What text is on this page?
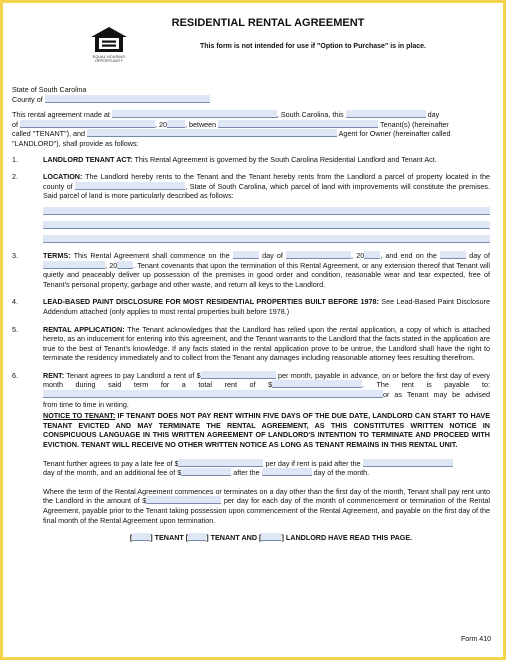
EQUAL HOUSING OPPORTUNITY
RESIDENTIAL RENTAL AGREEMENT
This form is not intended for use if "Option to Purchase" is in place.

State of South Carolina

County of

This rental agreement made at	, South Carolina, this	day
of	, 20	, between	Tenant(s) (hereinafter
called "TENANT"), and	Agent for Owner (hereinafter called
"LANDLORD"), shall provide as follows:
1.	LANDLORD TENANT ACT: This Rental Agreement is governed by the South Carolina Residential Landlord and Tenant Act.
2.	LOCATION: The Landlord hereby rents to the Tenant and the Tenant hereby rents from the Landlord a parcel of property located in the county of	, State of South Carolina, which parcel of land with improvements will constitute the premises. Said parcel of land is more particularly described as follows:
3.	TERMS: This Rental Agreement shall commence on the	day of	, 20 , and end on the	day of , 20 . Tenant covenants that upon the termination of this Rental Agreement, or any extension thereof that Tenant will quietly and peaceably deliver up possession of the premises in good order and condition, reasonable wear and tear expected, free of Tenant's personal property, garbage and other waste, and return all keys to the Landlord.
4.	LEAD-BASED PAINT DISCLOSURE FOR MOST RESIDENTIAL PROPERTIES BUILT BEFORE 1978: See Lead-Based Paint Disclosure Addendum attached (only applies to most rental properties built before 1978.)
5.	RENTAL APPLICATION: The Tenant acknowledges that the Landlord has relied upon the rental application, a copy of which is attached hereto, as an inducement for entering into this agreement, and the Tenant warrants to the Landlord that the facts stated in the application are true to the best of Tenant's knowledge. If any facts stated in the rental application prove to be untrue, the Landlord shall have the right to terminate the residency immediately and to collect from the Tenant any damages including reasonable attorney fees resulting therefrom.
6.	RENT: Tenant agrees to pay Landlord a rent of $	per month, payable in advance, on or before the first day of every month during said term for a total rent of $	. The rent is payable to: or as Tenant may be advised from time to time in writing.

NOTICE TO TENANT: IF TENANT DOES NOT PAY RENT WITHIN FIVE DAYS OF THE DUE DATE, LANDLORD CAN START TO HAVE TENANT EVICTED AND MAY TERMINATE THE RENTAL AGREEMENT, AS THIS CONSTITUTES WRITTEN NOTICE IN CONSPICUOUS LANGUAGE IN THIS WRITTEN AGREEMENT OF LANDLORD'S INTENTION TO TERMINATE AND PROCEED WITH EVICTION. TENANT WILL RECEIVE NO OTHER WRITTEN NOTICE AS LONG AS TENANT REMAINS IN THIS RENTAL UNIT.

Tenant further agrees to pay a late fee of $	per day if rent is paid after the
day of the month, and an additional fee of $	after the	day of the month.

Where the term of the Rental Agreement commences or terminates on a day other than the first day of the month, Tenant shall pay rent unto the Landlord in the amount of $	per day for each day of the month of commencement or termination of the Rental Agreement, payable prior to the Tenant taking possession upon commencement of the Rental Agreement, and payable on the first day of the final month of the Rental Agreement upon termination.

[	] TENANT [	] TENANT AND [	] LANDLORD HAVE READ THIS PAGE.
Form 410
